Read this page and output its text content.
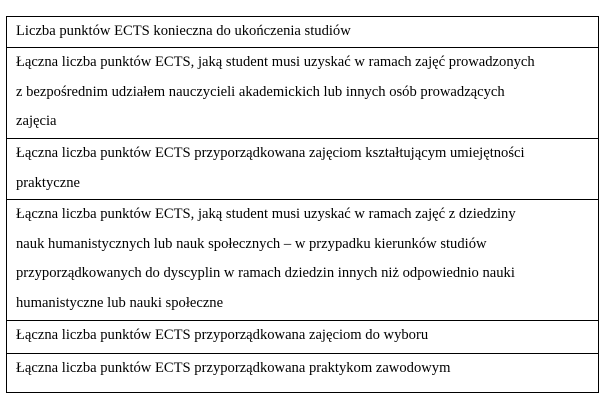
Liczba punktów ECTS konieczna do ukończenia studiów

Łączna liczba punktów ECTS, jaką student musi uzyskać w ramach zajęć prowadzonych
z bezpośrednim udziałem nauczycieli akademickich lub innych osób prowadzących
zajęcia

Łączna liczba punktów ECTS przyporządkowana zajęciom kształtującym umiejętności
praktyczne

Łączna liczba punktów ECTS, jaką student musi uzyskać w ramach zajęć z dziedziny
nauk humanistycznych lub nauk społecznych – w przypadku kierunków studiów
przyporządkowanych do dyscyplin w ramach dziedzin innych niż odpowiednio nauki
humanistyczne lub nauki społeczne

Łączna liczba punktów ECTS przyporządkowana zajęciom do wyboru

Łączna liczba punktów ECTS przyporządkowana praktykom zawodowym
